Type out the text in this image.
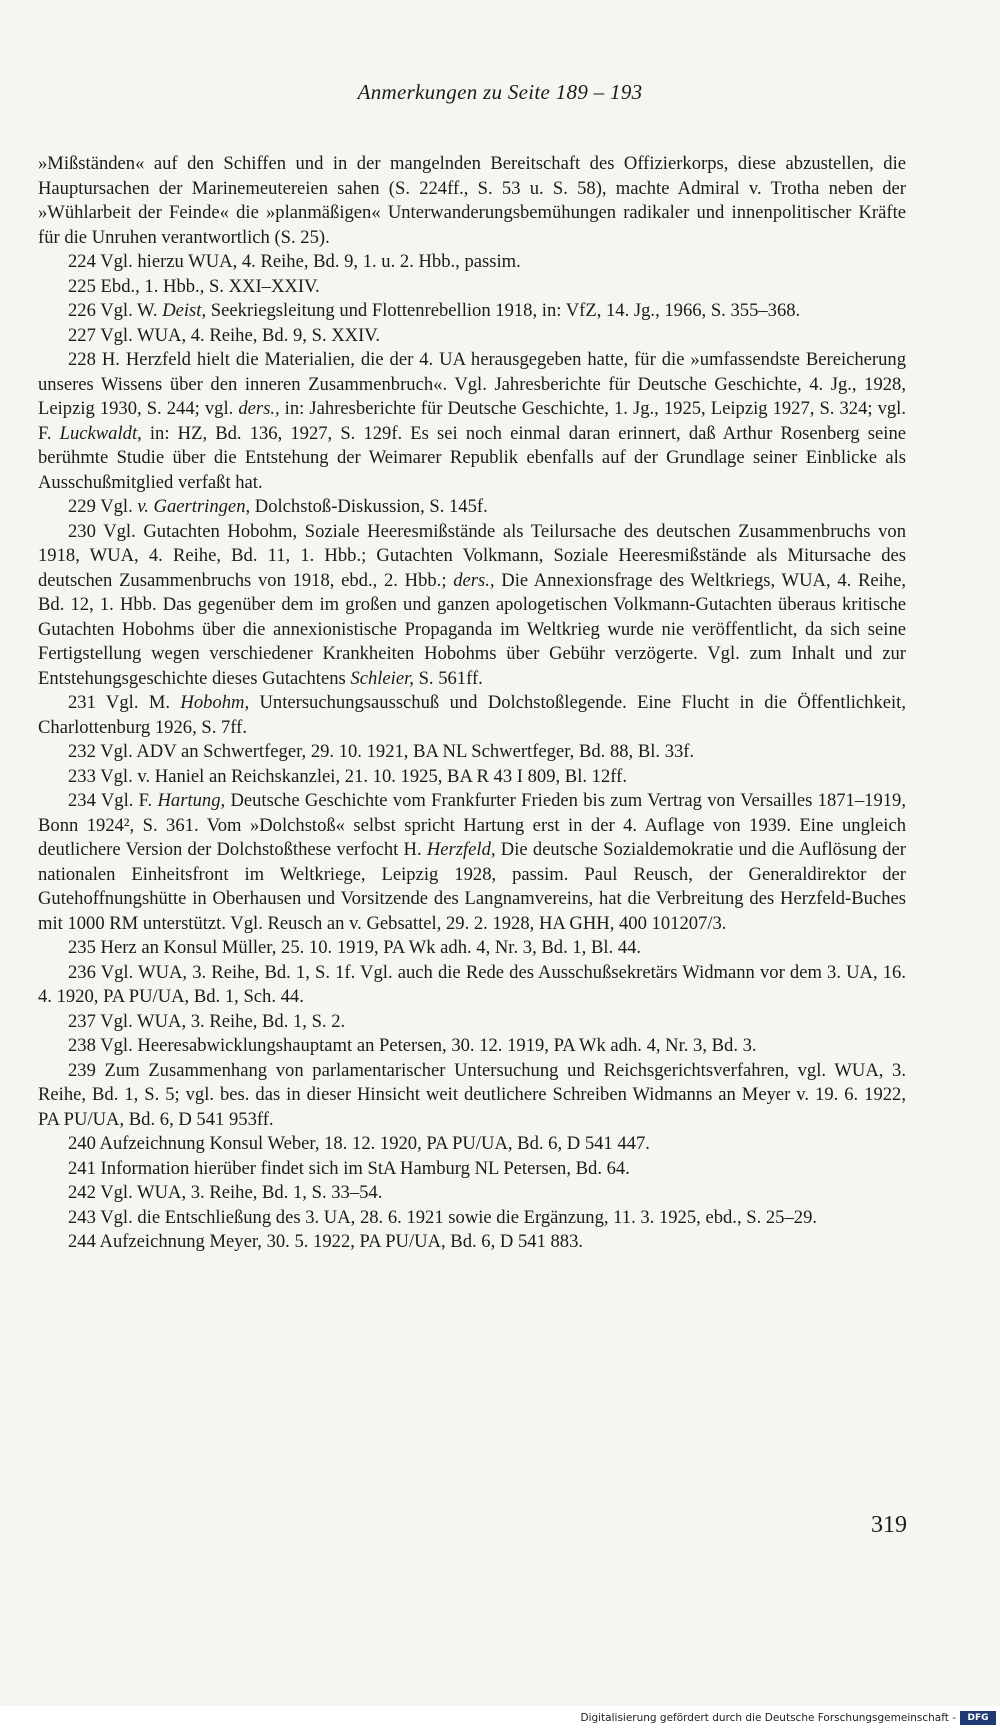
Anmerkungen zu Seite 189 – 193

»Mißständen« auf den Schiffen und in der mangelnden Bereitschaft des Offizierkorps, diese abzustellen, die Hauptursachen der Marinemeutereien sahen (S. 224ff., S. 53 u. S. 58), machte Admiral v. Trotha neben der »Wühlarbeit der Feinde« die »planmäßigen« Unterwanderungsbemühungen radikaler und innenpolitischer Kräfte für die Unruhen verantwortlich (S. 25).

224 Vgl. hierzu WUA, 4. Reihe, Bd. 9, 1. u. 2. Hbb., passim.

225 Ebd., 1. Hbb., S. XXI–XXIV.

226 Vgl. W. Deist, Seekriegsleitung und Flottenrebellion 1918, in: VfZ, 14. Jg., 1966, S. 355–368.

227 Vgl. WUA, 4. Reihe, Bd. 9, S. XXIV.

228 H. Herzfeld hielt die Materialien, die der 4. UA herausgegeben hatte, für die »umfassendste Bereicherung unseres Wissens über den inneren Zusammenbruch«. Vgl. Jahresberichte für Deutsche Geschichte, 4. Jg., 1928, Leipzig 1930, S. 244; vgl. ders., in: Jahresberichte für Deutsche Geschichte, 1. Jg., 1925, Leipzig 1927, S. 324; vgl. F. Luckwaldt, in: HZ, Bd. 136, 1927, S. 129f. Es sei noch einmal daran erinnert, daß Arthur Rosenberg seine berühmte Studie über die Entstehung der Weimarer Republik ebenfalls auf der Grundlage seiner Einblicke als Ausschußmitglied verfaßt hat.

229 Vgl. v. Gaertringen, Dolchstoß-Diskussion, S. 145f.

230 Vgl. Gutachten Hobohm, Soziale Heeresmißstände als Teilursache des deutschen Zusammenbruchs von 1918, WUA, 4. Reihe, Bd. 11, 1. Hbb.; Gutachten Volkmann, Soziale Heeresmißstände als Mitursache des deutschen Zusammenbruchs von 1918, ebd., 2. Hbb.; ders., Die Annexionsfrage des Weltkriegs, WUA, 4. Reihe, Bd. 12, 1. Hbb. Das gegenüber dem im großen und ganzen apologetischen Volkmann-Gutachten überaus kritische Gutachten Hobohms über die annexionistische Propaganda im Weltkrieg wurde nie veröffentlicht, da sich seine Fertigstellung wegen verschiedener Krankheiten Hobohms über Gebühr verzögerte. Vgl. zum Inhalt und zur Entstehungsgeschichte dieses Gutachtens Schleier, S. 561ff.

231 Vgl. M. Hobohm, Untersuchungsausschuß und Dolchstoßlegende. Eine Flucht in die Öffentlichkeit, Charlottenburg 1926, S. 7ff.

232 Vgl. ADV an Schwertfeger, 29. 10. 1921, BA NL Schwertfeger, Bd. 88, Bl. 33f.

233 Vgl. v. Haniel an Reichskanzlei, 21. 10. 1925, BA R 43 I 809, Bl. 12ff.

234 Vgl. F. Hartung, Deutsche Geschichte vom Frankfurter Frieden bis zum Vertrag von Versailles 1871–1919, Bonn 1924², S. 361. Vom »Dolchstoß« selbst spricht Hartung erst in der 4. Auflage von 1939. Eine ungleich deutlichere Version der Dolchstoßthese verfocht H. Herzfeld, Die deutsche Sozialdemokratie und die Auflösung der nationalen Einheitsfront im Weltkriege, Leipzig 1928, passim. Paul Reusch, der Generaldirektor der Gutehoffnungshütte in Oberhausen und Vorsitzende des Langnamvereins, hat die Verbreitung des Herzfeld-Buches mit 1000 RM unterstützt. Vgl. Reusch an v. Gebsattel, 29. 2. 1928, HA GHH, 400 101207/3.

235 Herz an Konsul Müller, 25. 10. 1919, PA Wk adh. 4, Nr. 3, Bd. 1, Bl. 44.

236 Vgl. WUA, 3. Reihe, Bd. 1, S. 1f. Vgl. auch die Rede des Ausschußsekretärs Widmann vor dem 3. UA, 16. 4. 1920, PA PU/UA, Bd. 1, Sch. 44.

237 Vgl. WUA, 3. Reihe, Bd. 1, S. 2.

238 Vgl. Heeresabwicklungshauptamt an Petersen, 30. 12. 1919, PA Wk adh. 4, Nr. 3, Bd. 3.

239 Zum Zusammenhang von parlamentarischer Untersuchung und Reichsgerichtsverfahren, vgl. WUA, 3. Reihe, Bd. 1, S. 5; vgl. bes. das in dieser Hinsicht weit deutlichere Schreiben Widmanns an Meyer v. 19. 6. 1922, PA PU/UA, Bd. 6, D 541 953ff.

240 Aufzeichnung Konsul Weber, 18. 12. 1920, PA PU/UA, Bd. 6, D 541 447.

241 Information hierüber findet sich im StA Hamburg NL Petersen, Bd. 64.

242 Vgl. WUA, 3. Reihe, Bd. 1, S. 33–54.

243 Vgl. die Entschließung des 3. UA, 28. 6. 1921 sowie die Ergänzung, 11. 3. 1925, ebd., S. 25–29.

244 Aufzeichnung Meyer, 30. 5. 1922, PA PU/UA, Bd. 6, D 541 883.

319
Digitalisierung gefördert durch die Deutsche Forschungsgemeinschaft -	DFG
